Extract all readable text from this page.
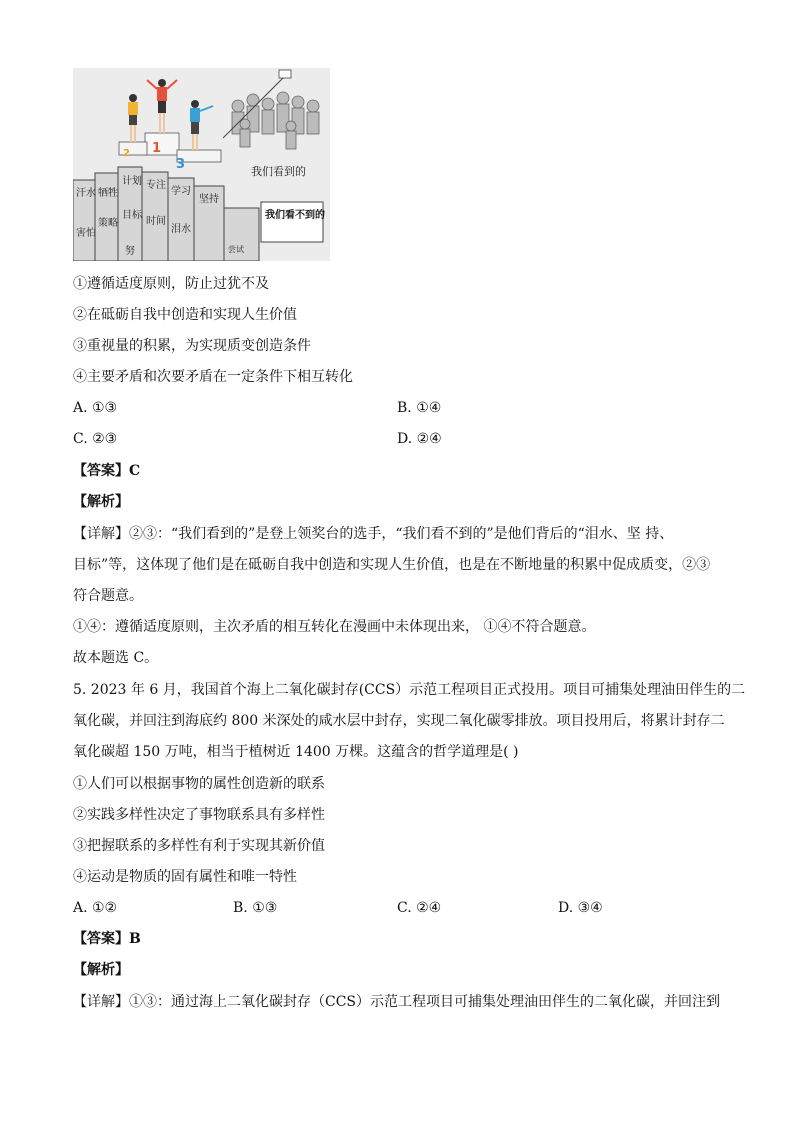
1
2
3	我们看到的
汗水
害怕
牺牲
策略
计划
目标
努
专注
时间
学习
泪水
坚持
尝试
我们看不到的
①遵循适度原则，防止过犹不及
②在砥砺自我中创造和实现人生价值
③重视量的积累，为实现质变创造条件
④主要矛盾和次要矛盾在一定条件下相互转化
A. ①③	B. ①④
C. ②③	D. ②④
【答案】C
【解析】
【详解】②③：“我们看到的”是登上领奖台的选手，“我们看不到的”是他们背后的“泪水、坚 持、
目标”等，这体现了他们是在砥砺自我中创造和实现人生价值，也是在不断地量的积累中促成质变，②③
符合题意。
①④：遵循适度原则，主次矛盾的相互转化在漫画中未体现出来， ①④不符合题意。
故本题选 C。
5. 2023 年 6 月，我国首个海上二氧化碳封存(CCS）示范工程项目正式投用。项目可捕集处理油田伴生的二
氧化碳，并回注到海底约 800 米深处的咸水层中封存，实现二氧化碳零排放。项目投用后，将累计封存二
氧化碳超 150 万吨，相当于植树近 1400 万棵。这蕴含的哲学道理是( )
①人们可以根据事物的属性创造新的联系
②实践多样性决定了事物联系具有多样性
③把握联系的多样性有利于实现其新价值
④运动是物质的固有属性和唯一特性
A. ①②	B. ①③	C. ②④	D. ③④
【答案】B
【解析】
【详解】①③：通过海上二氧化碳封存（CCS）示范工程项目可捕集处理油田伴生的二氧化碳，并回注到
